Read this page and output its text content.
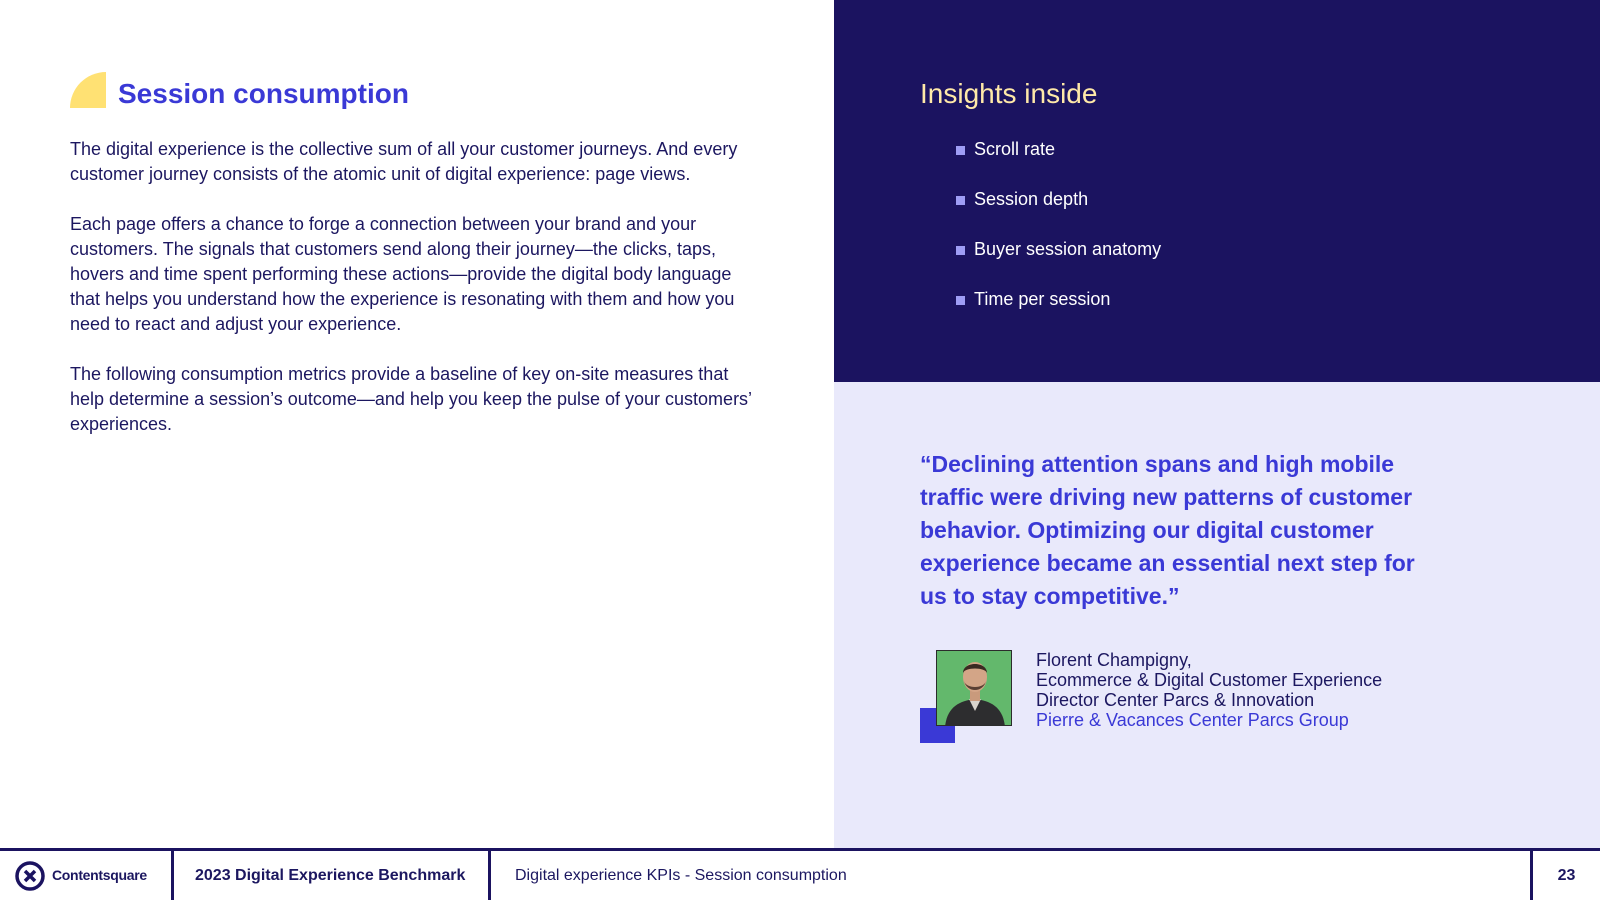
Session consumption

The digital experience is the collective sum of all your customer journeys. And every customer journey consists of the atomic unit of digital experience: page views.

Each page offers a chance to forge a connection between your brand and your customers. The signals that customers send along their journey—the clicks, taps, hovers and time spent performing these actions—provide the digital body language that helps you understand how the experience is resonating with them and how you need to react and adjust your experience.

The following consumption metrics provide a baseline of key on-site measures that help determine a session’s outcome—and help you keep the pulse of your customers’ experiences.

Insights inside
Scroll rate
Session depth
Buyer session anatomy
Time per session

“Declining attention spans and high mobile traffic were driving new patterns of customer behavior. Optimizing our digital customer experience became an essential next step for us to stay competitive.”

Florent Champigny,
Ecommerce & Digital Customer Experience
Director Center Parcs & Innovation
Pierre & Vacances Center Parcs Group
Contentsquare	2023 Digital Experience Benchmark	Digital experience KPIs - Session consumption	23
